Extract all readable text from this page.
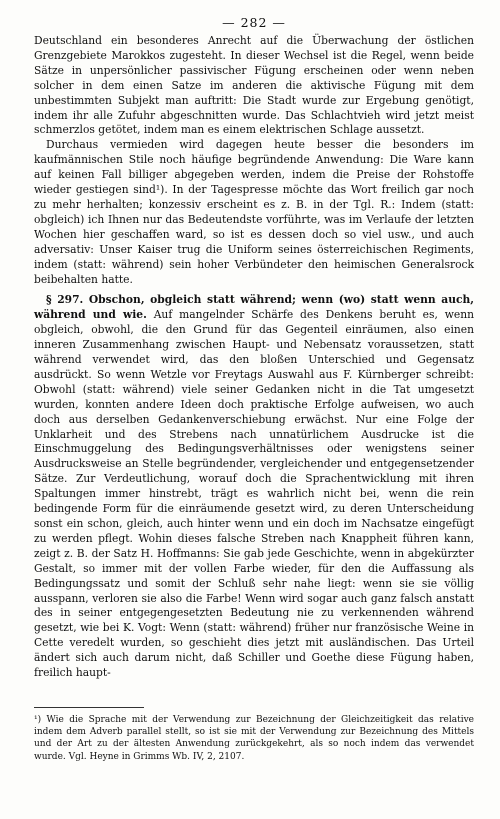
— 282 —

Deutschland ein besonderes Anrecht auf die Überwachung der östlichen Grenzgebiete Marokkos zugesteht. In dieser Wechsel ist die Regel, wenn beide Sätze in unpersönlicher passivischer Fügung erscheinen oder wenn neben solcher in dem einen Satze im anderen die aktivische Fügung mit dem unbestimmten Subjekt man auftritt: Die Stadt wurde zur Ergebung genötigt, indem ihr alle Zufuhr abgeschnitten wurde. Das Schlachtvieh wird jetzt meist schmerzlos getötet, indem man es einem elektrischen Schlage aussetzt.

Durchaus vermieden wird dagegen heute besser die besonders im kaufmännischen Stile noch häufige begründende Anwendung: Die Ware kann auf keinen Fall billiger abgegeben werden, indem die Preise der Rohstoffe wieder gestiegen sind¹). In der Tagespresse möchte das Wort freilich gar noch zu mehr herhalten; konzessiv erscheint es z. B. in der Tgl. R.: Indem (statt: obgleich) ich Ihnen nur das Bedeutendste vorführte, was im Verlaufe der letzten Wochen hier geschaffen ward, so ist es dessen doch so viel usw., und auch adversativ: Unser Kaiser trug die Uniform seines österreichischen Regiments, indem (statt: während) sein hoher Verbündeter den heimischen Generalsrock beibehalten hatte.

§ 297. Obschon, obgleich statt während; wenn (wo) statt wenn auch, während und wie. Auf mangelnder Schärfe des Denkens beruht es, wenn obgleich, obwohl, die den Grund für das Gegenteil einräumen, also einen inneren Zusammenhang zwischen Haupt- und Nebensatz voraussetzen, statt während verwendet wird, das den bloßen Unterschied und Gegensatz ausdrückt. So wenn Wetzle vor Freytags Auswahl aus F. Kürnberger schreibt: Obwohl (statt: während) viele seiner Gedanken nicht in die Tat umgesetzt wurden, konnten andere Ideen doch praktische Erfolge aufweisen, wo auch doch aus derselben Gedankenverschiebung erwächst. Nur eine Folge der Unklarheit und des Strebens nach unnatürlichem Ausdrucke ist die Einschmuggelung des Bedingungsverhältnisses oder wenigstens seiner Ausdrucksweise an Stelle begründender, vergleichender und entgegensetzender Sätze. Zur Verdeutlichung, worauf doch die Sprachentwicklung mit ihren Spaltungen immer hinstrebt, trägt es wahrlich nicht bei, wenn die rein bedingende Form für die einräumende gesetzt wird, zu deren Unterscheidung sonst ein schon, gleich, auch hinter wenn und ein doch im Nachsatze eingefügt zu werden pflegt. Wohin dieses falsche Streben nach Knappheit führen kann, zeigt z. B. der Satz H. Hoffmanns: Sie gab jede Geschichte, wenn in abgekürzter Gestalt, so immer mit der vollen Farbe wieder, für den die Auffassung als Bedingungssatz und somit der Schluß sehr nahe liegt: wenn sie sie völlig ausspann, verloren sie also die Farbe! Wenn wird sogar auch ganz falsch anstatt des in seiner entgegengesetzten Bedeutung nie zu verkennenden während gesetzt, wie bei K. Vogt: Wenn (statt: während) früher nur französische Weine in Cette veredelt wurden, so geschieht dies jetzt mit ausländischen. Das Urteil ändert sich auch darum nicht, daß Schiller und Goethe diese Fügung haben, freilich haupt-

¹) Wie die Sprache mit der Verwendung zur Bezeichnung der Gleichzeitigkeit das relative indem dem Adverb parallel stellt, so ist sie mit der Verwendung zur Bezeichnung des Mittels und der Art zu der ältesten Anwendung zurückgekehrt, als so noch indem das verwendet wurde. Vgl. Heyne in Grimms Wb. IV, 2, 2107.
